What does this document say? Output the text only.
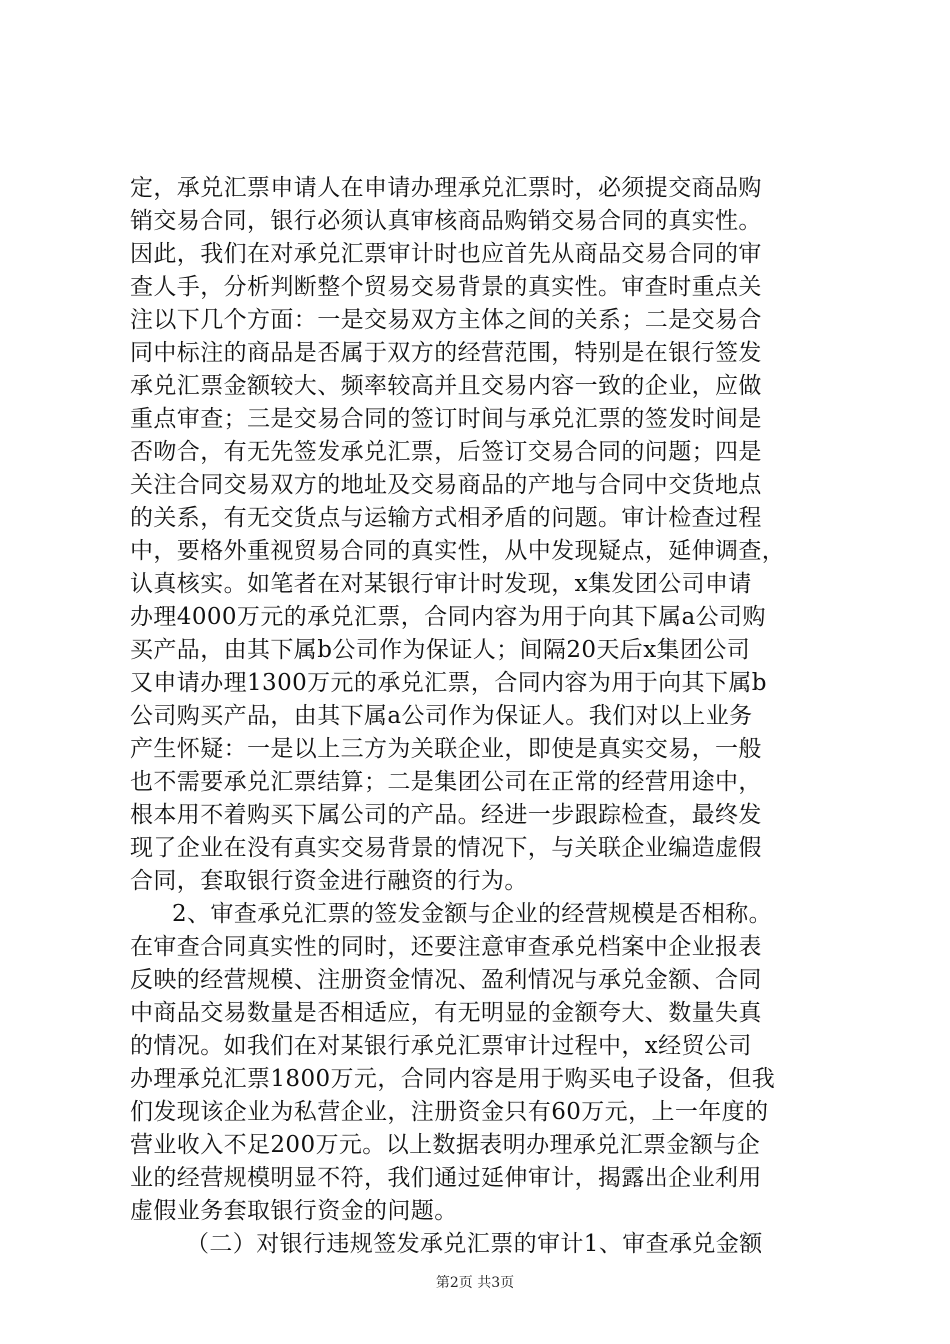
定，承兑汇票申请人在申请办理承兑汇票时，必须提交商品购
销交易合同，银行必须认真审核商品购销交易合同的真实性。
因此，我们在对承兑汇票审计时也应首先从商品交易合同的审
查人手，分析判断整个贸易交易背景的真实性。审查时重点关
注以下几个方面：一是交易双方主体之间的关系；二是交易合
同中标注的商品是否属于双方的经营范围，特别是在银行签发
承兑汇票金额较大、频率较高并且交易内容一致的企业，应做
重点审查；三是交易合同的签订时间与承兑汇票的签发时间是
否吻合，有无先签发承兑汇票，后签订交易合同的问题；四是
关注合同交易双方的地址及交易商品的产地与合同中交货地点
的关系，有无交货点与运输方式相矛盾的问题。审计检查过程
中，要格外重视贸易合同的真实性，从中发现疑点，延伸调查，
认真核实。如笔者在对某银行审计时发现，x集发团公司申请
办理4000万元的承兑汇票，合同内容为用于向其下属a公司购
买产品，由其下属b公司作为保证人；间隔20天后x集团公司
又申请办理1300万元的承兑汇票，合同内容为用于向其下属b
公司购买产品，由其下属a公司作为保证人。我们对以上业务
产生怀疑：一是以上三方为关联企业，即使是真实交易，一般
也不需要承兑汇票结算；二是集团公司在正常的经营用途中，
根本用不着购买下属公司的产品。经进一步跟踪检查，最终发
现了企业在没有真实交易背景的情况下，与关联企业编造虚假
合同，套取银行资金进行融资的行为。
2、审查承兑汇票的签发金额与企业的经营规模是否相称。
在审查合同真实性的同时，还要注意审查承兑档案中企业报表
反映的经营规模、注册资金情况、盈利情况与承兑金额、合同
中商品交易数量是否相适应，有无明显的金额夸大、数量失真
的情况。如我们在对某银行承兑汇票审计过程中，x经贸公司
办理承兑汇票1800万元，合同内容是用于购买电子设备，但我
们发现该企业为私营企业，注册资金只有60万元，上一年度的
营业收入不足200万元。以上数据表明办理承兑汇票金额与企
业的经营规模明显不符，我们通过延伸审计，揭露出企业利用
虚假业务套取银行资金的问题。
（二）对银行违规签发承兑汇票的审计1、审查承兑金额
第2页 共3页
